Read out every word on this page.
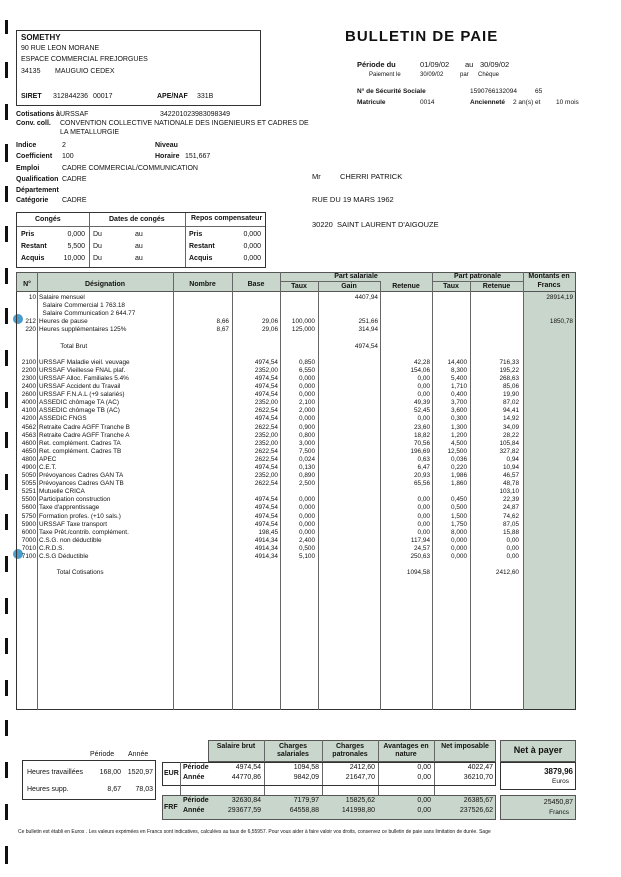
SOMETHY
90 RUE LEON MORANE
ESPACE COMMERCIAL FREJORGUES
34135 MAUGUIO CEDEX
SIRET 312844236 00017	APE/NAF 331B
BULLETIN DE PAIE
Période du	01/09/02 au 30/09/02
Paiement le	30/09/02	par Chèque
N° de Sécurité Sociale	1590766132094	65
Matricule	0014	Ancienneté 2 an(s) et 10 mois
Cotisations à URSSAF	342201023983098349
Conv. coll. CONVENTION COLLECTIVE NATIONALE DES INGENIEURS ET CADRES DE
LA METALLURGIE
Indice	2	Niveau
Coefficient 100	Horaire 151,667
Emploi	CADRE COMMERCIAL/COMMUNICATION
Qualification CADRE
Département
Catégorie CADRE
Mr	CHERRI PATRICK
RUE DU 19 MARS 1962
30220 SAINT LAURENT D'AIGOUZE
Congés	Dates de congés	Repos compensateur
Pris	0,000 Du	au	Pris	0,000
Restant	5,500 Du	au	Restant	0,000
Acquis	10,000 Du	au	Acquis	0,000
N°	Désignation	Nombre	Base
Part salariale
Taux	Gain	Retenue
Part patronale
Taux	Retenue
Montants en
Francs
10	Salaire mensuel				4407,94				28914,19
	Salaire Commercial 1 763.18								
	Salaire Communication 2 644.77								
212	Heures de pause	8,66	29,06	100,000	251,66				1850,78
220	Heures supplémentaires 125%	8,67	29,06	125,000	314,94				

	Total Brut				4974,54				

2100	URSSAF Maladie vieil. veuvage		4974,54	0,850		42,28	14,400	716,33	
2200	URSSAF Vieillesse FNAL plaf.		2352,00	6,550		154,06	8,300	195,22	
2300	URSSAF Alloc. Familiales 5.4%		4974,54	0,000		0,00	5,400	268,63	
2400	URSSAF Accident du Travail		4974,54	0,000		0,00	1,710	85,06	
2600	URSSAF F.N.A.L (+9 salariés)		4974,54	0,000		0,00	0,400	19,90	
4000	ASSEDIC chômage TA (AC)		2352,00	2,100		49,39	3,700	87,02	
4100	ASSEDIC chômage TB (AC)		2622,54	2,000		52,45	3,600	94,41	
4200	ASSEDIC FNGS		4974,54	0,000		0,00	0,300	14,92	
4562	Retraite Cadre AGFF Tranche B		2622,54	0,900		23,60	1,300	34,09	
4563	Retraite Cadre AGFF Tranche A		2352,00	0,800		18,82	1,200	28,22	
4600	Ret. complément. Cadres TA		2352,00	3,000		70,56	4,500	105,84	
4650	Ret. complément. Cadres TB		2622,54	7,500		196,69	12,500	327,82	
4800	APEC		2622,54	0,024		0,63	0,036	0,94	
4900	C.E.T.		4974,54	0,130		6,47	0,220	10,94	
5050	Prévoyances Cadres GAN TA		2352,00	0,890		20,93	1,986	46,57	
5055	Prévoyances Cadres GAN TB		2622,54	2,500		65,56	1,860	48,78	
5251	Mutuelle CRICA							103,10	
5500	Participation construction		4974,54	0,000		0,00	0,450	22,39	
5600	Taxe d'apprentissage		4974,54	0,000		0,00	0,500	24,87	
5750	Formation profes. (+10 sals.)		4974,54	0,000		0,00	1,500	74,62	
5900	URSSAF Taxe transport		4974,54	0,000		0,00	1,750	87,05	
6000	Taxe Prêt./contrib. complément.		198,45	0,000		0,00	8,000	15,88	
7000	C.S.G. non déductible		4914,34	2,400		117,94	0,000	0,00	
7010	C.R.D.S.		4914,34	0,500		24,57	0,000	0,00	
7100	C.S.G Déductible		4914,34	5,100		250,63	0,000	0,00	

	Total Cotisations					1094,58		2412,60	
Période Année
Heures travaillées	168,00 1520,97
Heures supp.	8,67	78,03
Salaire brut	Charges salariales
Charges patronales
Avantages en nature
Net imposable
EUR
Période
Année
4974,54	1094,58	2412,60	0,00	4022,47
44770,86	9842,09	21647,70	0,00	36210,70
FRF
Période
Année
32630,84	7179,97	15825,62	0,00	26385,67
293677,59	64558,88	141998,80	0,00	237526,62
Net à payer
3879,96
Euros
25450,87
Francs
Ce bulletin est établi en Euros . Les valeurs exprimées en Francs sont indicatives, calculées au taux de 6,55957. Pour vous aider à faire valoir vos droits, conservez ce bulletin de paie sans limitation de durée. Sage
